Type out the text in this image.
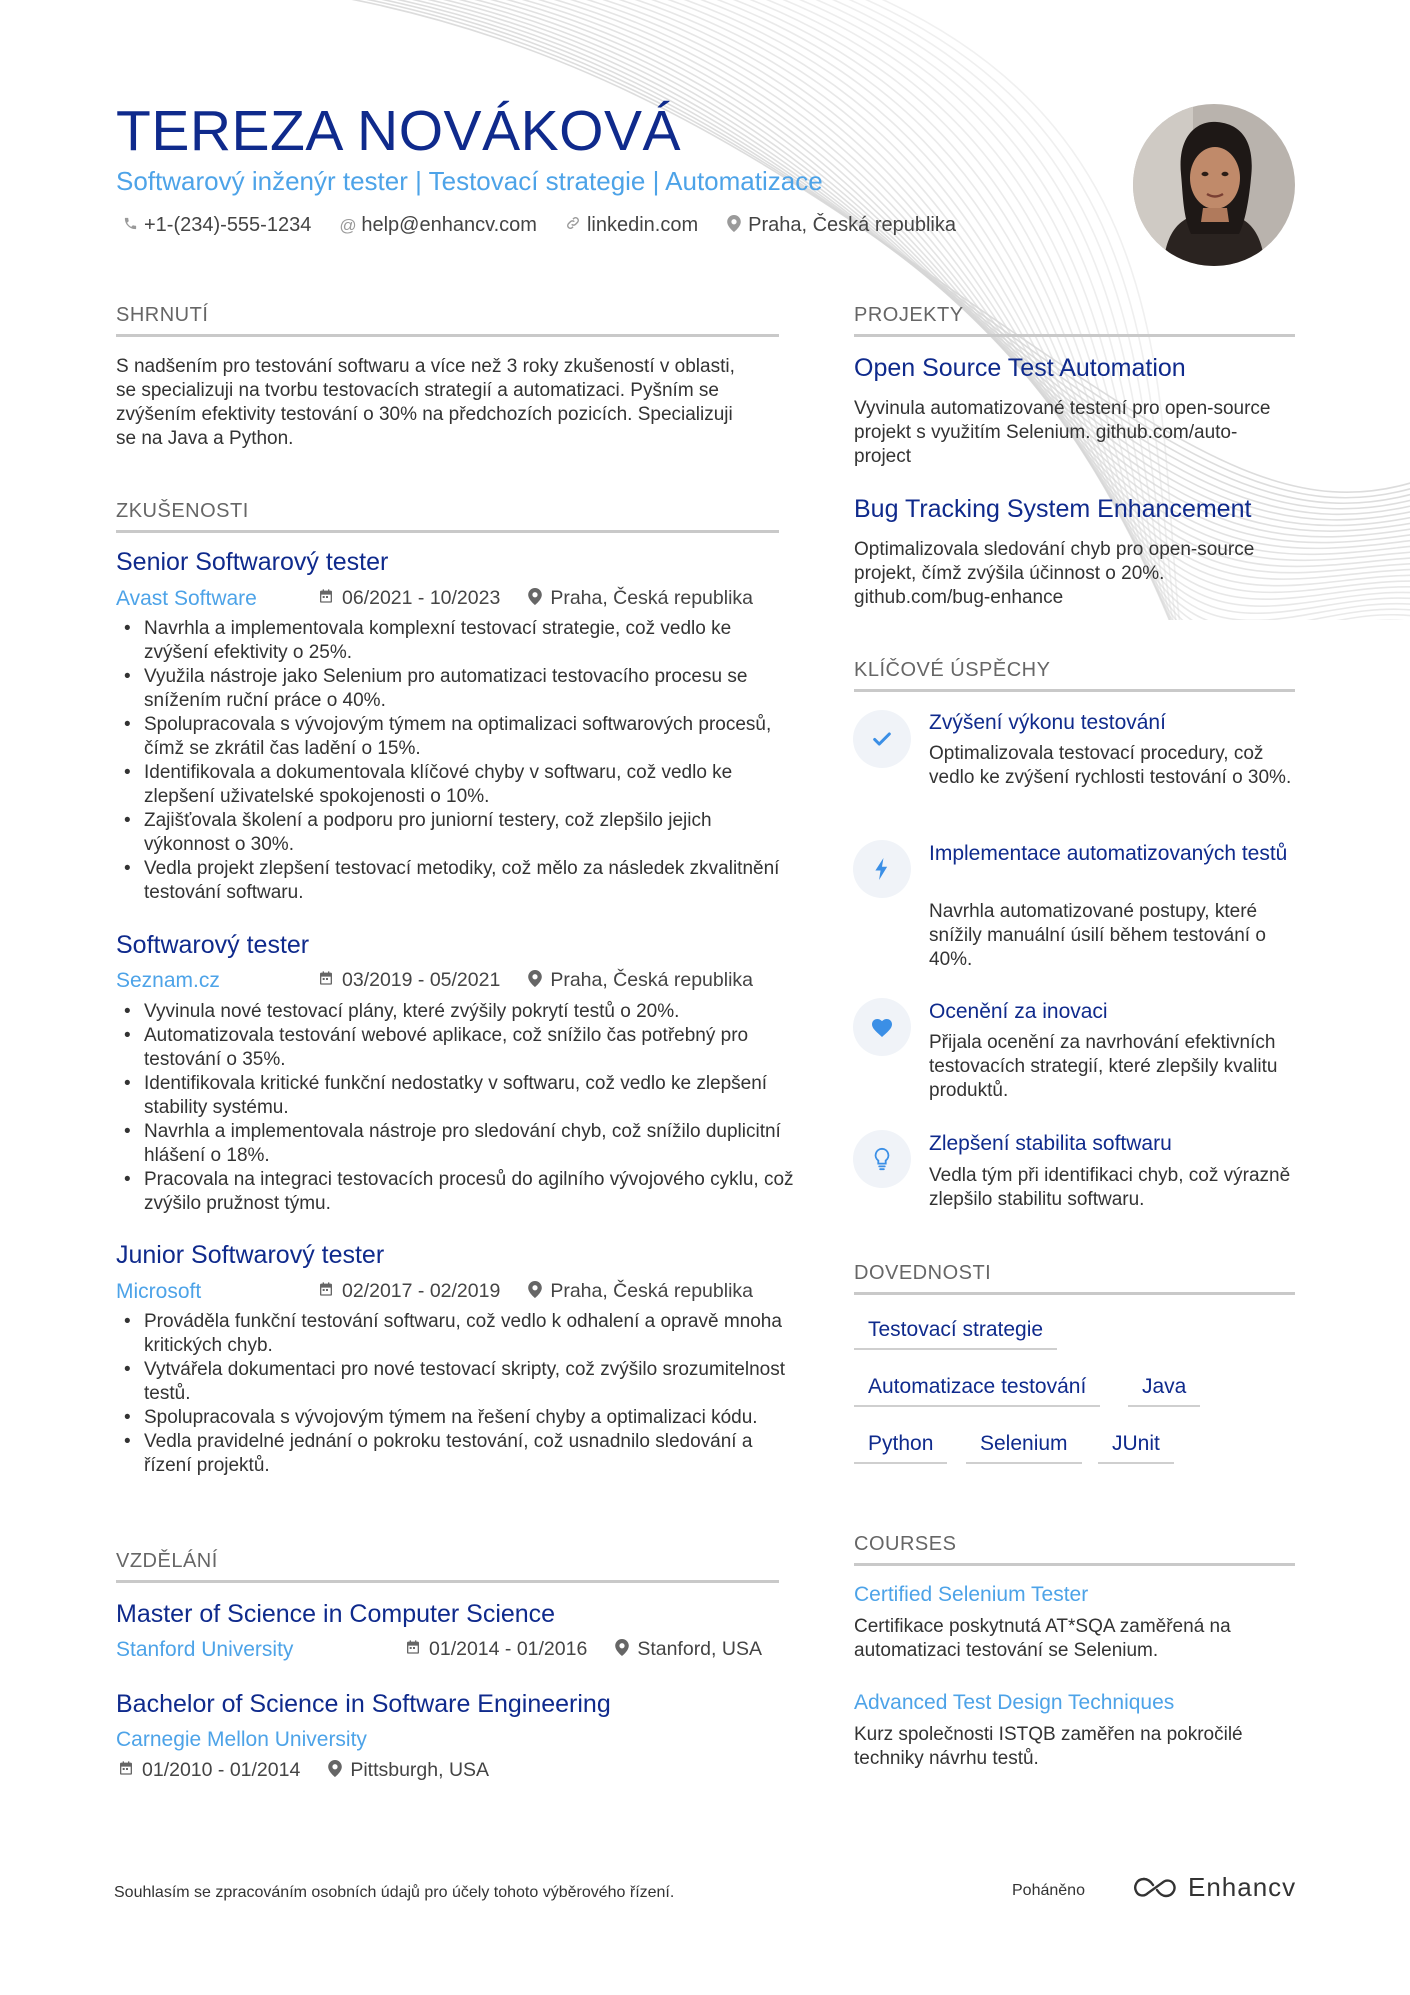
TEREZA NOVÁKOVÁ
Softwarový inženýr tester | Testovací strategie | Automatizace
+1-(234)-555-1234 @ help@enhancv.com	linkedin.com	Praha, Česká republika
SHRNUTÍ
S nadšením pro testování softwaru a více než 3 roky zkušeností v oblasti, se specializuji na tvorbu testovacích strategií a automatizaci. Pyšním se zvýšením efektivity testování o 30% na předchozích pozicích. Specializuji se na Java a Python.
ZKUŠENOSTI
Senior Softwarový tester
Avast Software	06/2021 - 10/2023	Praha, Česká republika
• Navrhla a implementovala komplexní testovací strategie, což vedlo ke zvýšení efektivity o 25%.
• Využila nástroje jako Selenium pro automatizaci testovacího procesu se snížením ruční práce o 40%.
• Spolupracovala s vývojovým týmem na optimalizaci softwarových procesů, čímž se zkrátil čas ladění o 15%.
• Identifikovala a dokumentovala klíčové chyby v softwaru, což vedlo ke zlepšení uživatelské spokojenosti o 10%.
• Zajišťovala školení a podporu pro juniorní testery, což zlepšilo jejich výkonnost o 30%.
• Vedla projekt zlepšení testovací metodiky, což mělo za následek zkvalitnění testování softwaru.
Softwarový tester
Seznam.cz	03/2019 - 05/2021	Praha, Česká republika
• Vyvinula nové testovací plány, které zvýšily pokrytí testů o 20%.
• Automatizovala testování webové aplikace, což snížilo čas potřebný pro testování o 35%.
• Identifikovala kritické funkční nedostatky v softwaru, což vedlo ke zlepšení stability systému.
• Navrhla a implementovala nástroje pro sledování chyb, což snížilo duplicitní hlášení o 18%.
• Pracovala na integraci testovacích procesů do agilního vývojového cyklu, což zvýšilo pružnost týmu.
Junior Softwarový tester
Microsoft	02/2017 - 02/2019	Praha, Česká republika
• Prováděla funkční testování softwaru, což vedlo k odhalení a opravě mnoha kritických chyb.
• Vytvářela dokumentaci pro nové testovací skripty, což zvýšilo srozumitelnost testů.
• Spolupracovala s vývojovým týmem na řešení chyby a optimalizaci kódu.
• Vedla pravidelné jednání o pokroku testování, což usnadnilo sledování a řízení projektů.
VZDĚLÁNÍ
Master of Science in Computer Science
Stanford University	01/2014 - 01/2016	Stanford, USA
Bachelor of Science in Software Engineering
Carnegie Mellon University
01/2010 - 01/2014	Pittsburgh, USA
PROJEKTY
Open Source Test Automation
Vyvinula automatizované testení pro open-source projekt s využitím Selenium. github.com/auto-project
Bug Tracking System Enhancement
Optimalizovala sledování chyb pro open-source projekt, čímž zvýšila účinnost o 20%. github.com/bug-enhance
KLÍČOVÉ ÚSPĚCHY
Zvýšení výkonu testování
Optimalizovala testovací procedury, což vedlo ke zvýšení rychlosti testování o 30%.
Implementace automatizovaných testů
Navrhla automatizované postupy, které snížily manuální úsilí během testování o 40%.
Ocenění za inovaci
Přijala ocenění za navrhování efektivních testovacích strategií, které zlepšily kvalitu produktů.
Zlepšení stabilita softwaru
Vedla tým při identifikaci chyb, což výrazně zlepšilo stabilitu softwaru.
DOVEDNOSTI
Testovací strategie
Automatizace testování	Java
Python	Selenium	JUnit
COURSES
Certified Selenium Tester
Certifikace poskytnutá AT*SQA zaměřená na automatizaci testování se Selenium.
Advanced Test Design Techniques
Kurz společnosti ISTQB zaměřen na pokročilé techniky návrhu testů.
Souhlasím se zpracováním osobních údajů pro účely tohoto výběrového řízení.	Poháněno	Enhancv
